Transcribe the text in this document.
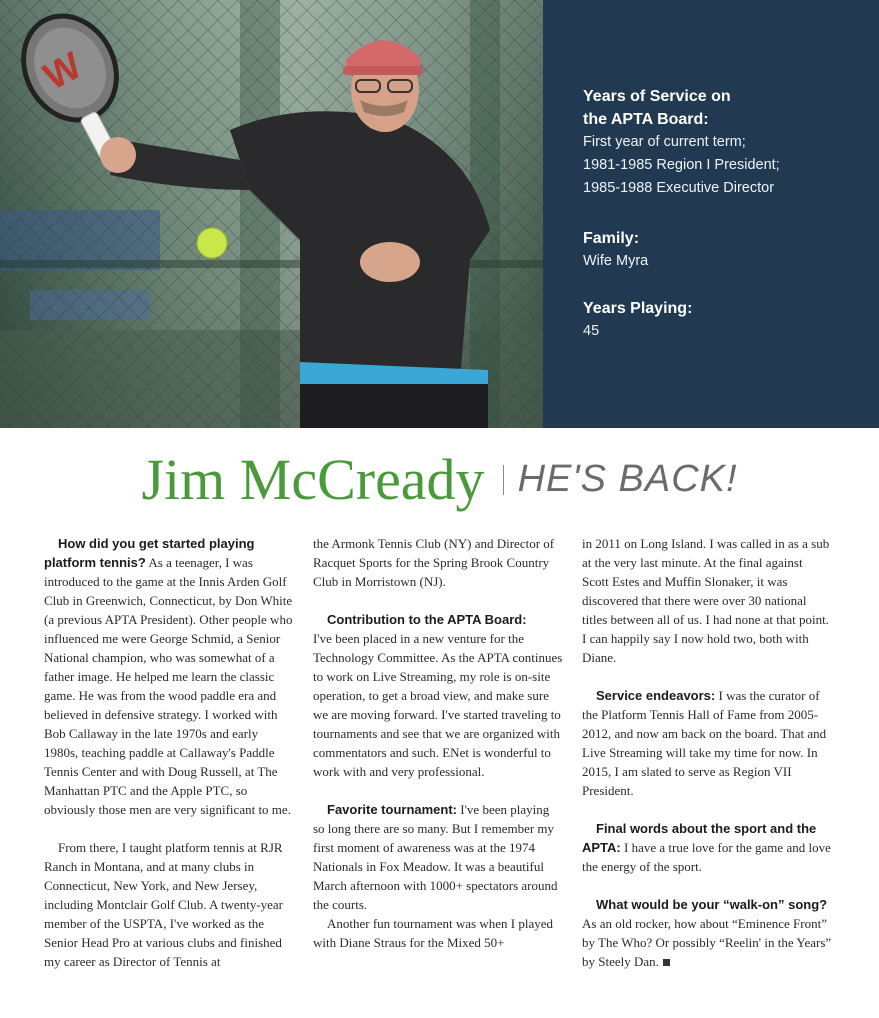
W	Years of Service on the APTA Board:
First year of current term;
1981-1985 Region I President;
1985-1988 Executive Director
Family:
Wife Myra
Years Playing:
45
Jim McCready HE'S BACK!

How did you get started playing platform tennis? As a teenager, I was introduced to the game at the Innis Arden Golf Club in Greenwich, Connecticut, by Don White (a previous APTA President). Other people who influenced me were George Schmid, a Senior National champion, who was somewhat of a father image. He helped me learn the classic game. He was from the wood paddle era and believed in defensive strategy. I worked with Bob Callaway in the late 1970s and early 1980s, teaching paddle at Callaway's Paddle Tennis Center and with Doug Russell, at The Manhattan PTC and the Apple PTC, so obviously those men are very significant to me.

From there, I taught platform tennis at RJR Ranch in Montana, and at many clubs in Connecticut, New York, and New Jersey, including Montclair Golf Club. A twenty-year member of the USPTA, I've worked as the Senior Head Pro at various clubs and finished my career as Director of Tennis at

the Armonk Tennis Club (NY) and Director of Racquet Sports for the Spring Brook Country Club in Morristown (NJ).

Contribution to the APTA Board:

I've been placed in a new venture for the Technology Committee. As the APTA continues to work on Live Streaming, my role is on-site operation, to get a broad view, and make sure we are moving forward. I've started traveling to tournaments and see that we are organized with commentators and such. ENet is wonderful to work with and very professional.

Favorite tournament: I've been playing so long there are so many. But I remember my first moment of awareness was at the 1974 Nationals in Fox Meadow. It was a beautiful March afternoon with 1000+ spectators around the courts.

Another fun tournament was when I played with Diane Straus for the Mixed 50+

in 2011 on Long Island. I was called in as a sub at the very last minute. At the final against Scott Estes and Muffin Slonaker, it was discovered that there were over 30 national titles between all of us. I had none at that point. I can happily say I now hold two, both with Diane.

Service endeavors: I was the curator of the Platform Tennis Hall of Fame from 2005-2012, and now am back on the board. That and Live Streaming will take my time for now. In 2015, I am slated to serve as Region VII President.

Final words about the sport and the APTA: I have a true love for the game and love the energy of the sport.

What would be your “walk-on” song?

As an old rocker, how about “Eminence Front” by The Who? Or possibly “Reelin' in the Years” by Steely Dan.
